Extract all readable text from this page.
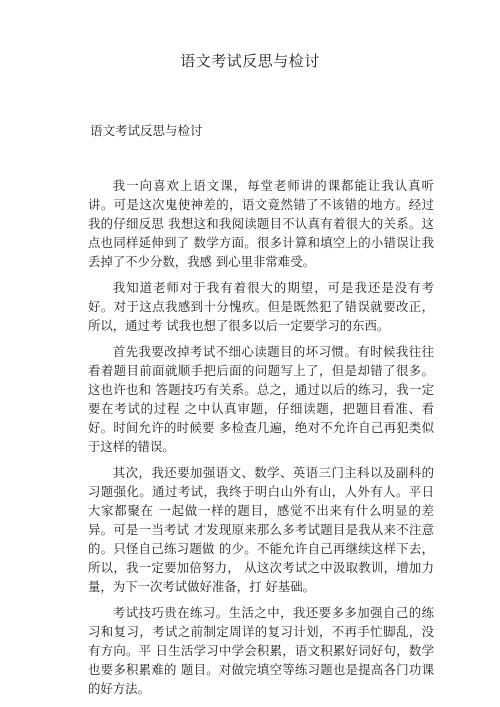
语文考试反思与检讨
语文考试反思与检讨

我一向喜欢上语文课，每堂老师讲的课都能让我认真听讲。可是这次鬼使神差的，语文竟然错了不该错的地方。经过我的仔细反思 我想这和我阅读题目不认真有着很大的关系。这点也同样延伸到了 数学方面。很多计算和填空上的小错误让我丢掉了不少分数，我感 到心里非常难受。

我知道老师对于我有着很大的期望，可是我还是没有考好。对于这点我感到十分愧疚。但是既然犯了错误就要改正，所以，通过考 试我也想了很多以后一定要学习的东西。

首先我要改掉考试不细心读题目的坏习惯。有时候我往往看着题目前面就顺手把后面的问题写上了，但是却错了很多。这也许也和 答题技巧有关系。总之，通过以后的练习，我一定要在考试的过程 之中认真审题，仔细读题，把题目看准、看好。时间允许的时候要 多检查几遍，绝对不允许自己再犯类似于这样的错误。

其次，我还要加强语文、数学、英语三门主科以及副科的习题强化。通过考试，我终于明白山外有山，人外有人。平日大家都聚在 一起做一样的题目，感觉不出来有什么明显的差异。可是一当考试 才发现原来那么多考试题目是我从来不注意的。只怪自己练习题做 的少。不能允许自己再继续这样下去，所以，我一定要加倍努力， 从这次考试之中汲取教训，增加力量，为下一次考试做好准备，打 好基础。

考试技巧贵在练习。生活之中，我还要多多加强自己的练习和复习，考试之前制定周详的复习计划，不再手忙脚乱，没有方向。平 日生活学习中学会积累，语文积累好词好句，数学也要多积累难的 题目。对做完填空等练习题也是提高各门功课的好方法。
